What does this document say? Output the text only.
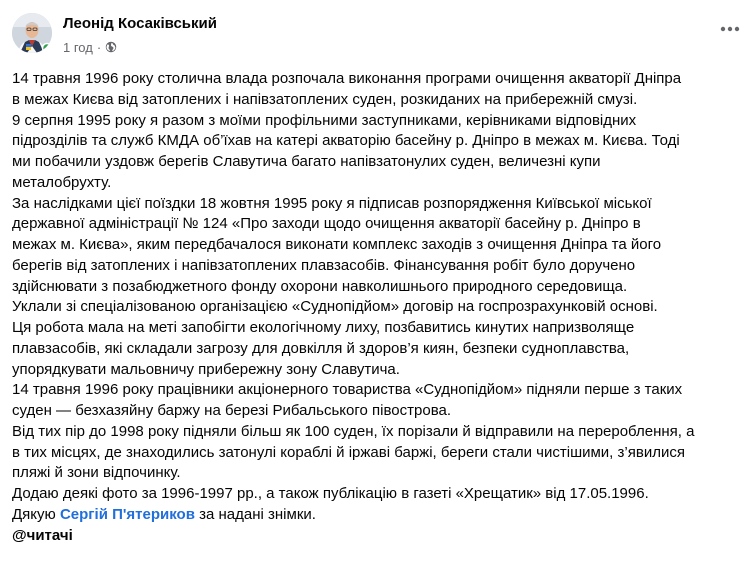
Леонід Косаківський
1 год ·

14 травня 1996 року столична влада розпочала виконання програми очищення акваторії Дніпра
в межах Києва від затоплених і напівзатоплених суден, розкиданих на прибережній смузі.

9 серпня 1995 року я разом з моїми профільними заступниками, керівниками відповідних
підрозділів та служб КМДА об’їхав на катері акваторію басейну р. Дніпро в межах м. Києва. Тоді
ми побачили уздовж берегів Славутича багато напівзатонулих суден, величезні купи
металобрухту.

За наслідками цієї поїздки 18 жовтня 1995 року я підписав розпорядження Київської міської
державної адміністрації № 124 «Про заходи щодо очищення акваторії басейну р. Дніпро в
межах м. Києва», яким передбачалося виконати комплекс заходів з очищення Дніпра та його
берегів від затоплених і напівзатоплених плавзасобів. Фінансування робіт було доручено
здійснювати з позабюджетного фонду охорони навколишнього природного середовища.

Уклали зі спеціалізованою організацією «Суднопідйом» договір на госпрозрахунковій основі.

Ця робота мала на меті запобігти екологічному лиху, позбавитись кинутих напризволяще
плавзасобів, які складали загрозу для довкілля й здоров’я киян, безпеки судноплавства,
упорядкувати мальовничу прибережну зону Славутича.

14 травня 1996 року працівники акціонерного товариства «Суднопідйом» підняли перше з таких
суден — безхазяйну баржу на березі Рибальського півострова.

Від тих пір до 1998 року підняли більш як 100 суден, їх порізали й відправили на перероблення, а
в тих місцях, де знаходились затонулі кораблі й іржаві баржі, береги стали чистішими, з’явилися
пляжі й зони відпочинку.

Додаю деякі фото за 1996-1997 рр., а також публікацію в газеті «Хрещатик» від 17.05.1996.

Дякую Сергій П'ятериков за надані знімки.

@читачі
